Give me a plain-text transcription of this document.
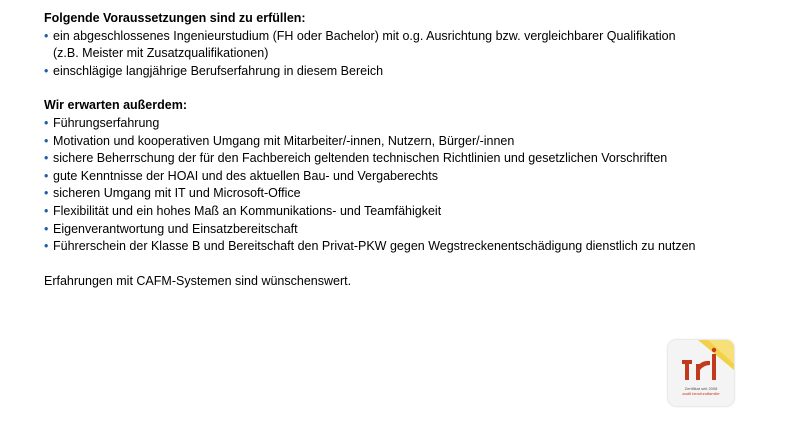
Folgende Voraussetzungen sind zu erfüllen:

• ein abgeschlossenes Ingenieurstudium (FH oder Bachelor) mit o.g. Ausrichtung bzw. vergleichbarer Qualifikation
(z.B. Meister mit Zusatzqualifikationen)
• einschlägige langjährige Berufserfahrung in diesem Bereich

Wir erwarten außerdem:

• Führungserfahrung
• Motivation und kooperativen Umgang mit Mitarbeiter/-innen, Nutzern, Bürger/-innen
• sichere Beherrschung der für den Fachbereich geltenden technischen Richtlinien und gesetzlichen Vorschriften
• gute Kenntnisse der HOAI und des aktuellen Bau- und Vergaberechts
• sicheren Umgang mit IT und Microsoft-Office
• Flexibilität und ein hohes Maß an Kommunikations- und Teamfähigkeit
• Eigenverantwortung und Einsatzbereitschaft
• Führerschein der Klasse B und Bereitschaft den Privat-PKW gegen Wegstreckenentschädigung dienstlich zu nutzen

Erfahrungen mit CAFM-Systemen sind wünschenswert.

Zertifikat seit 2008
audit berufundfamilie
